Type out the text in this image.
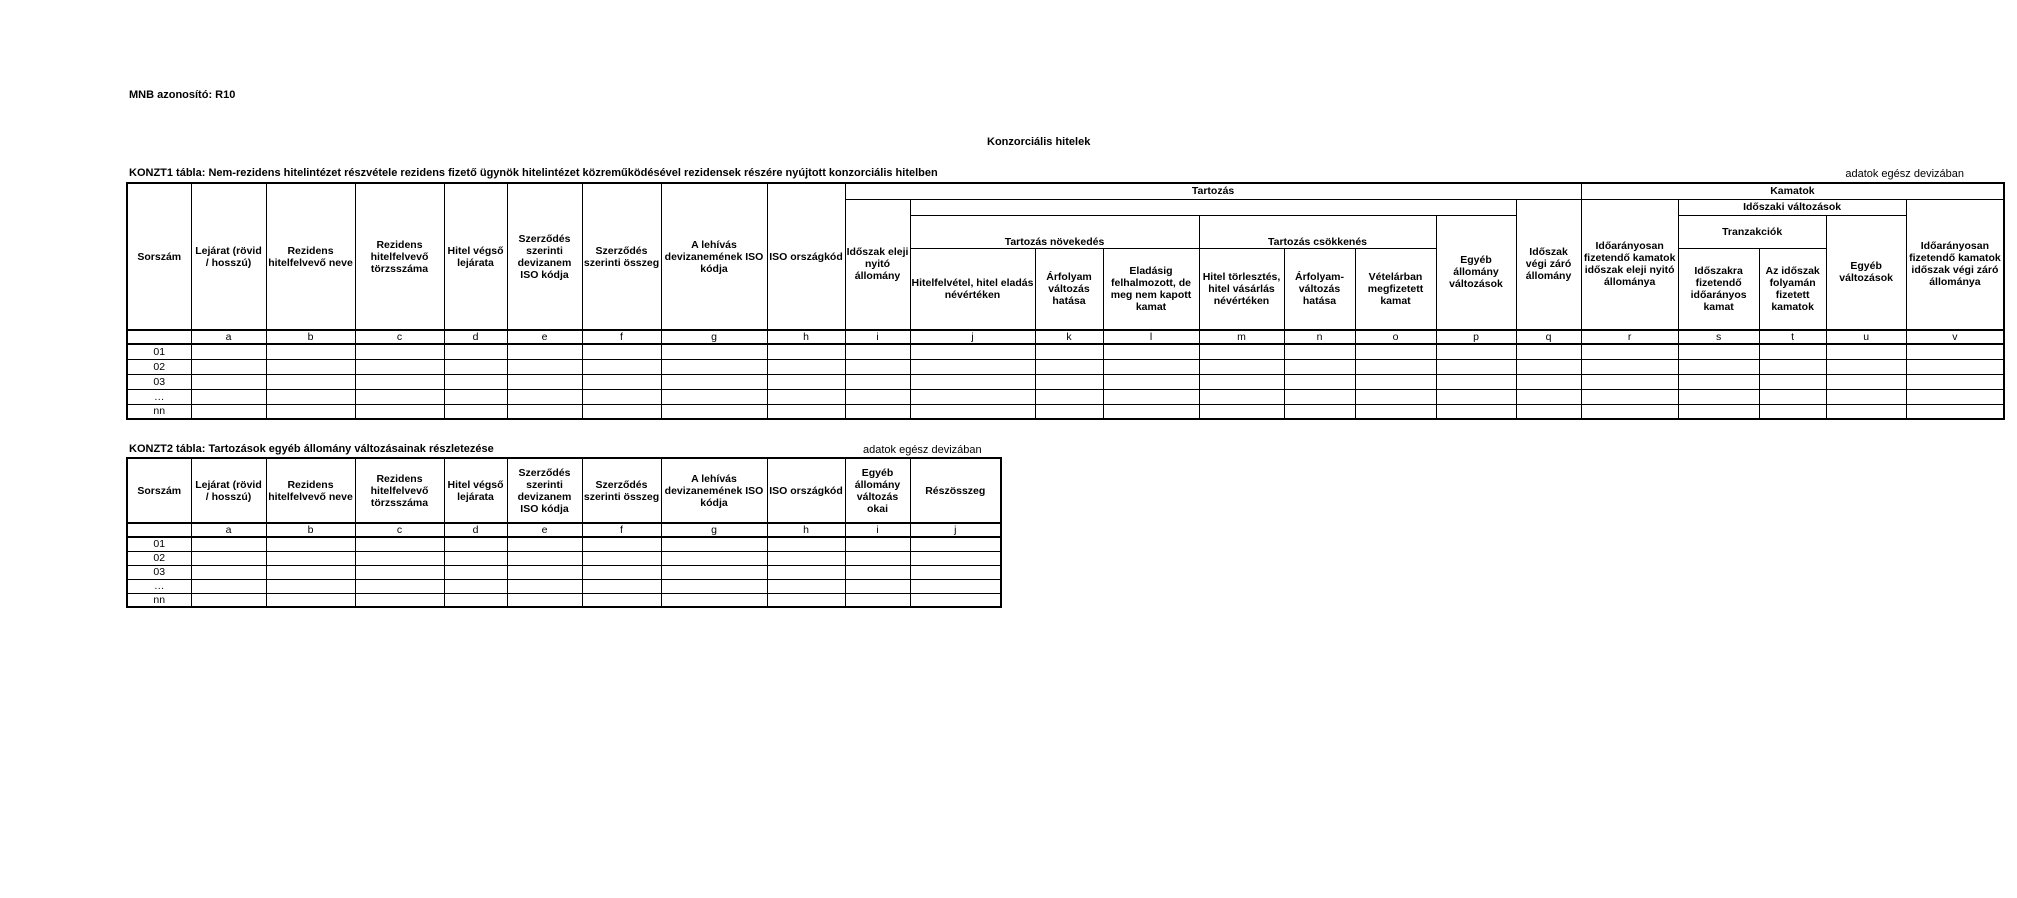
MNB azonosító: R10
Konzorciális hitelek
KONZT1 tábla: Nem-rezidens hitelintézet részvétele rezidens fizető ügynök hitelintézet közreműködésével rezidensek részére nyújtott konzorciális hitelben	adatok egész devizában
Sorszám	Lejárat (rövid / hosszú)	Rezidens hitelfelvevő neve	Rezidens hitelfelvevő törzsszáma	Hitel végső lejárata	Szerződés szerinti devizanem ISO kódja	Szerződés szerinti összeg	A lehívás devizanemének ISO kódja	ISO országkód	Tartozás									Kamatok				
									Időszak eleji nyitó állomány								Időszak végi záró állomány	Időarányosan fizetendő kamatok időszak eleji nyitó állománya	Időszaki változások			Időarányosan fizetendő kamatok időszak végi záró állománya
										Tartozás növekedés			Tartozás csökkenés			Egyéb állomány változások			Tranzakciók		Egyéb változások	
										Hitelfelvétel, hitel eladás névértéken	Árfolyam változás hatása	Eladásig felhalmozott, de meg nem kapott kamat	Hitel törlesztés, hitel vásárlás névértéken	Árfolyam-változás hatása	Vételárban megfizetett kamat				Időszakra fizetendő időarányos kamat	Az időszak folyamán fizetett kamatok		
	a	b	c	d	e	f	g	h	i	j	k	l	m	n	o	p	q	r	s	t	u	v
01																						
02																						
03																						
…																						
nn																						
KONZT2 tábla: Tartozások egyéb állomány változásainak részletezése	adatok egész devizában
Sorszám	Lejárat (rövid / hosszú)	Rezidens hitelfelvevő neve	Rezidens hitelfelvevő törzsszáma	Hitel végső lejárata	Szerződés szerinti devizanem ISO kódja	Szerződés szerinti összeg	A lehívás devizanemének ISO kódja	ISO országkód	Egyéb állomány változás okai	Részösszeg
	a	b	c	d	e	f	g	h	i	j
01										
02										
03										
…										
nn										
